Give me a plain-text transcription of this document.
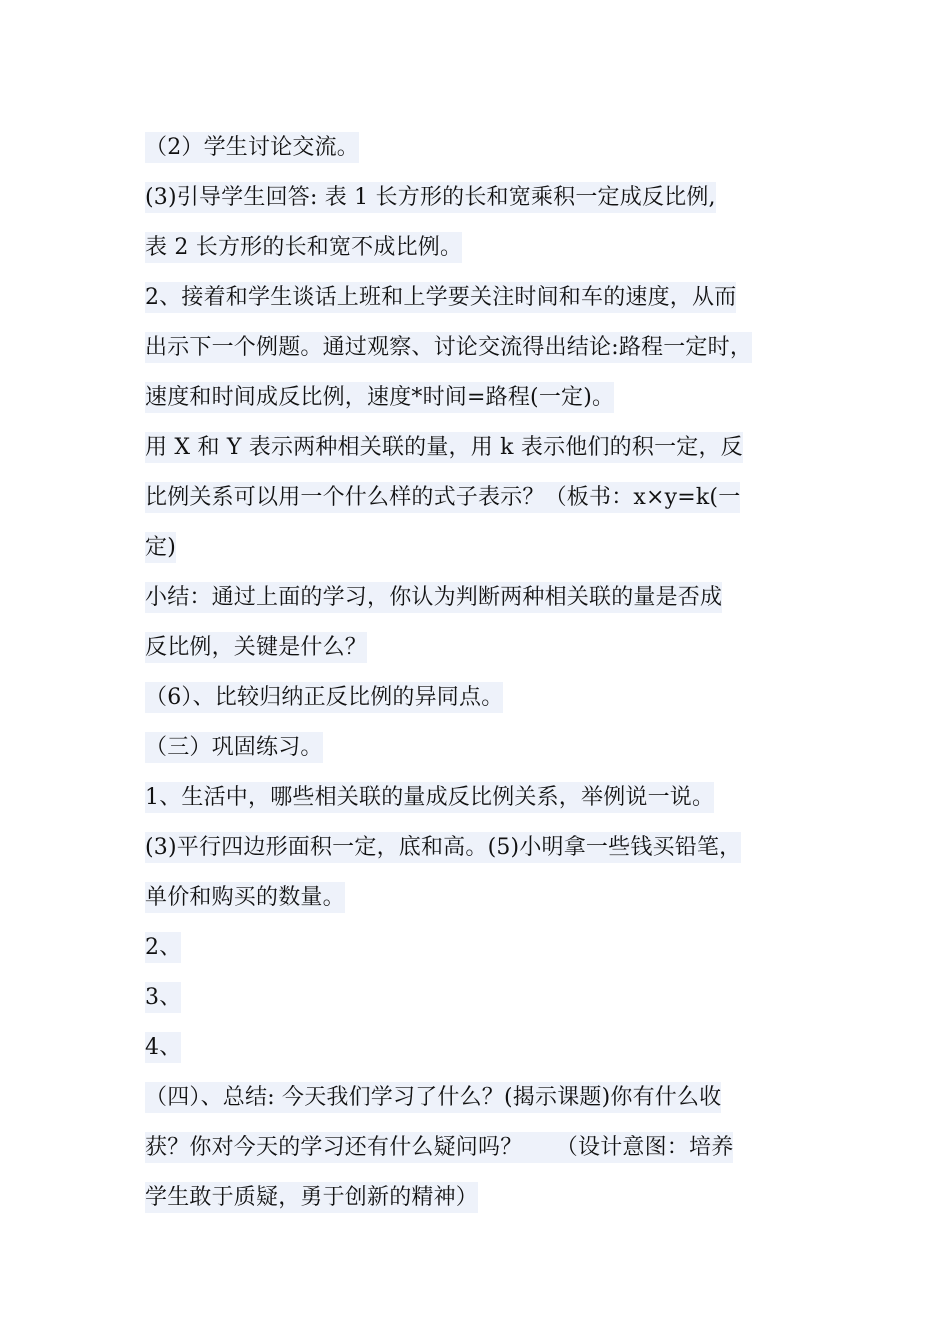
（2）学生讨论交流。
(3)引导学生回答: 表 1 长方形的长和宽乘积一定成反比例,
表 2 长方形的长和宽不成比例。
2、接着和学生谈话上班和上学要关注时间和车的速度，从而
出示下一个例题。通过观察、讨论交流得出结论:路程一定时，
速度和时间成反比例，速度*时间=路程(一定)。
用 X 和 Y 表示两种相关联的量，用 k 表示他们的积一定，反
比例关系可以用一个什么样的式子表示？（板书：x×y=k(一
定)
小结：通过上面的学习，你认为判断两种相关联的量是否成
反比例，关键是什么？
（6）、比较归纳正反比例的异同点。
（三）巩固练习。
1、生活中，哪些相关联的量成反比例关系，举例说一说。
(3)平行四边形面积一定，底和高。(5)小明拿一些钱买铅笔，
单价和购买的数量。
2、
3、
4、
（四）、总结: 今天我们学习了什么？(揭示课题)你有什么收
获？你对今天的学习还有什么疑问吗？　　（设计意图：培养
学生敢于质疑，勇于创新的精神）
